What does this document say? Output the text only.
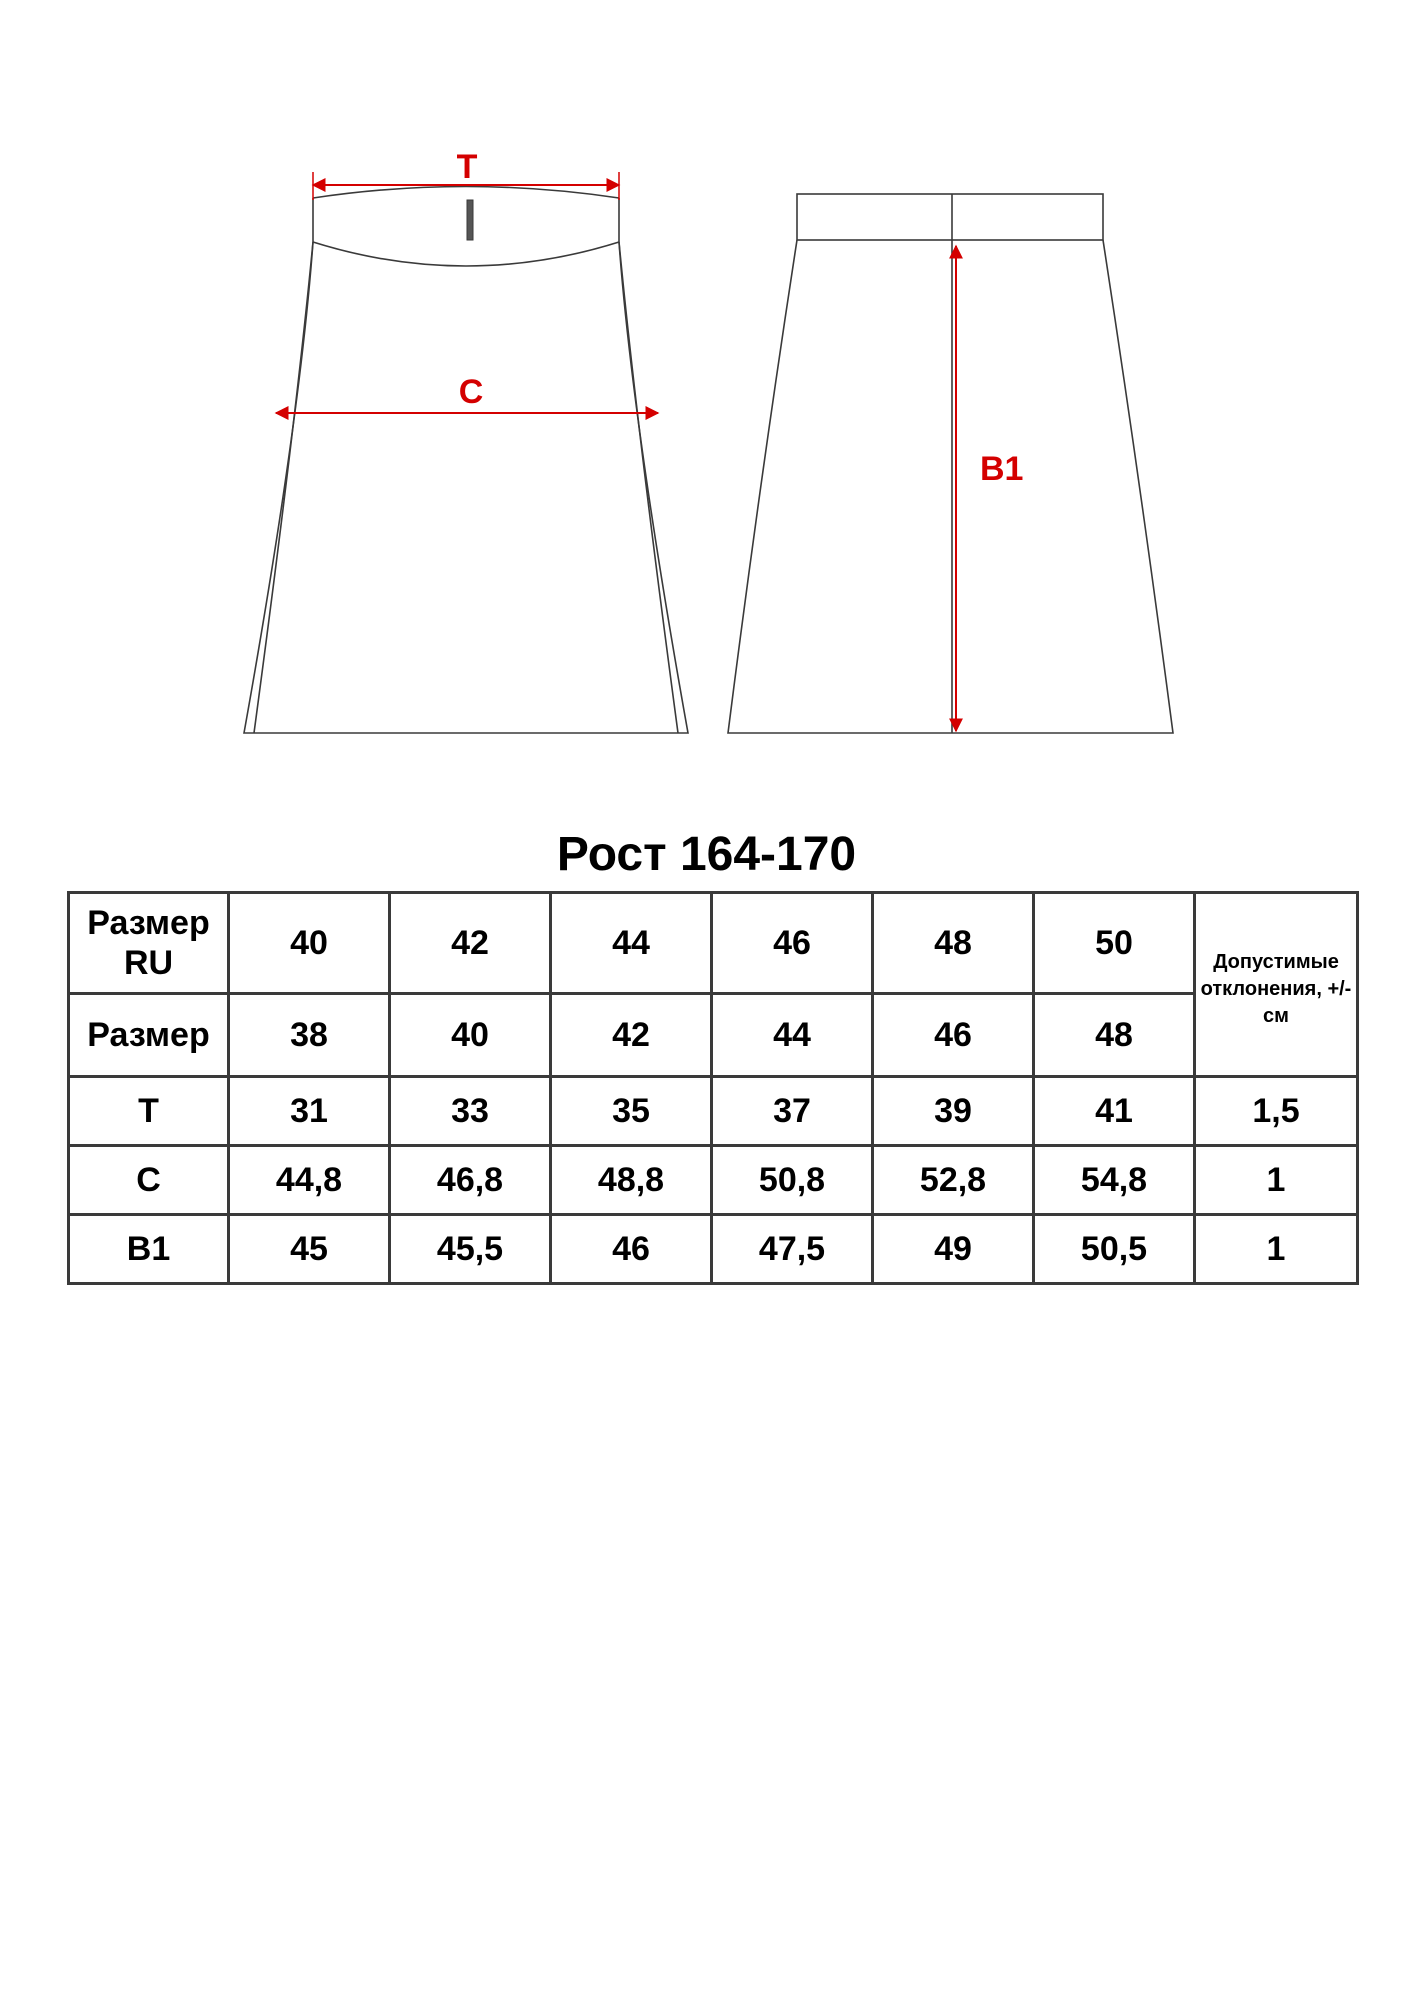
T
C
B1
Рост 164-170
Размер RU	40	42	44	46	48	50	Допустимые отклонения, +/- см
Размер	38	40	42	44	46	48	
T	31	33	35	37	39	41	1,5
C	44,8	46,8	48,8	50,8	52,8	54,8	1
B1	45	45,5	46	47,5	49	50,5	1
